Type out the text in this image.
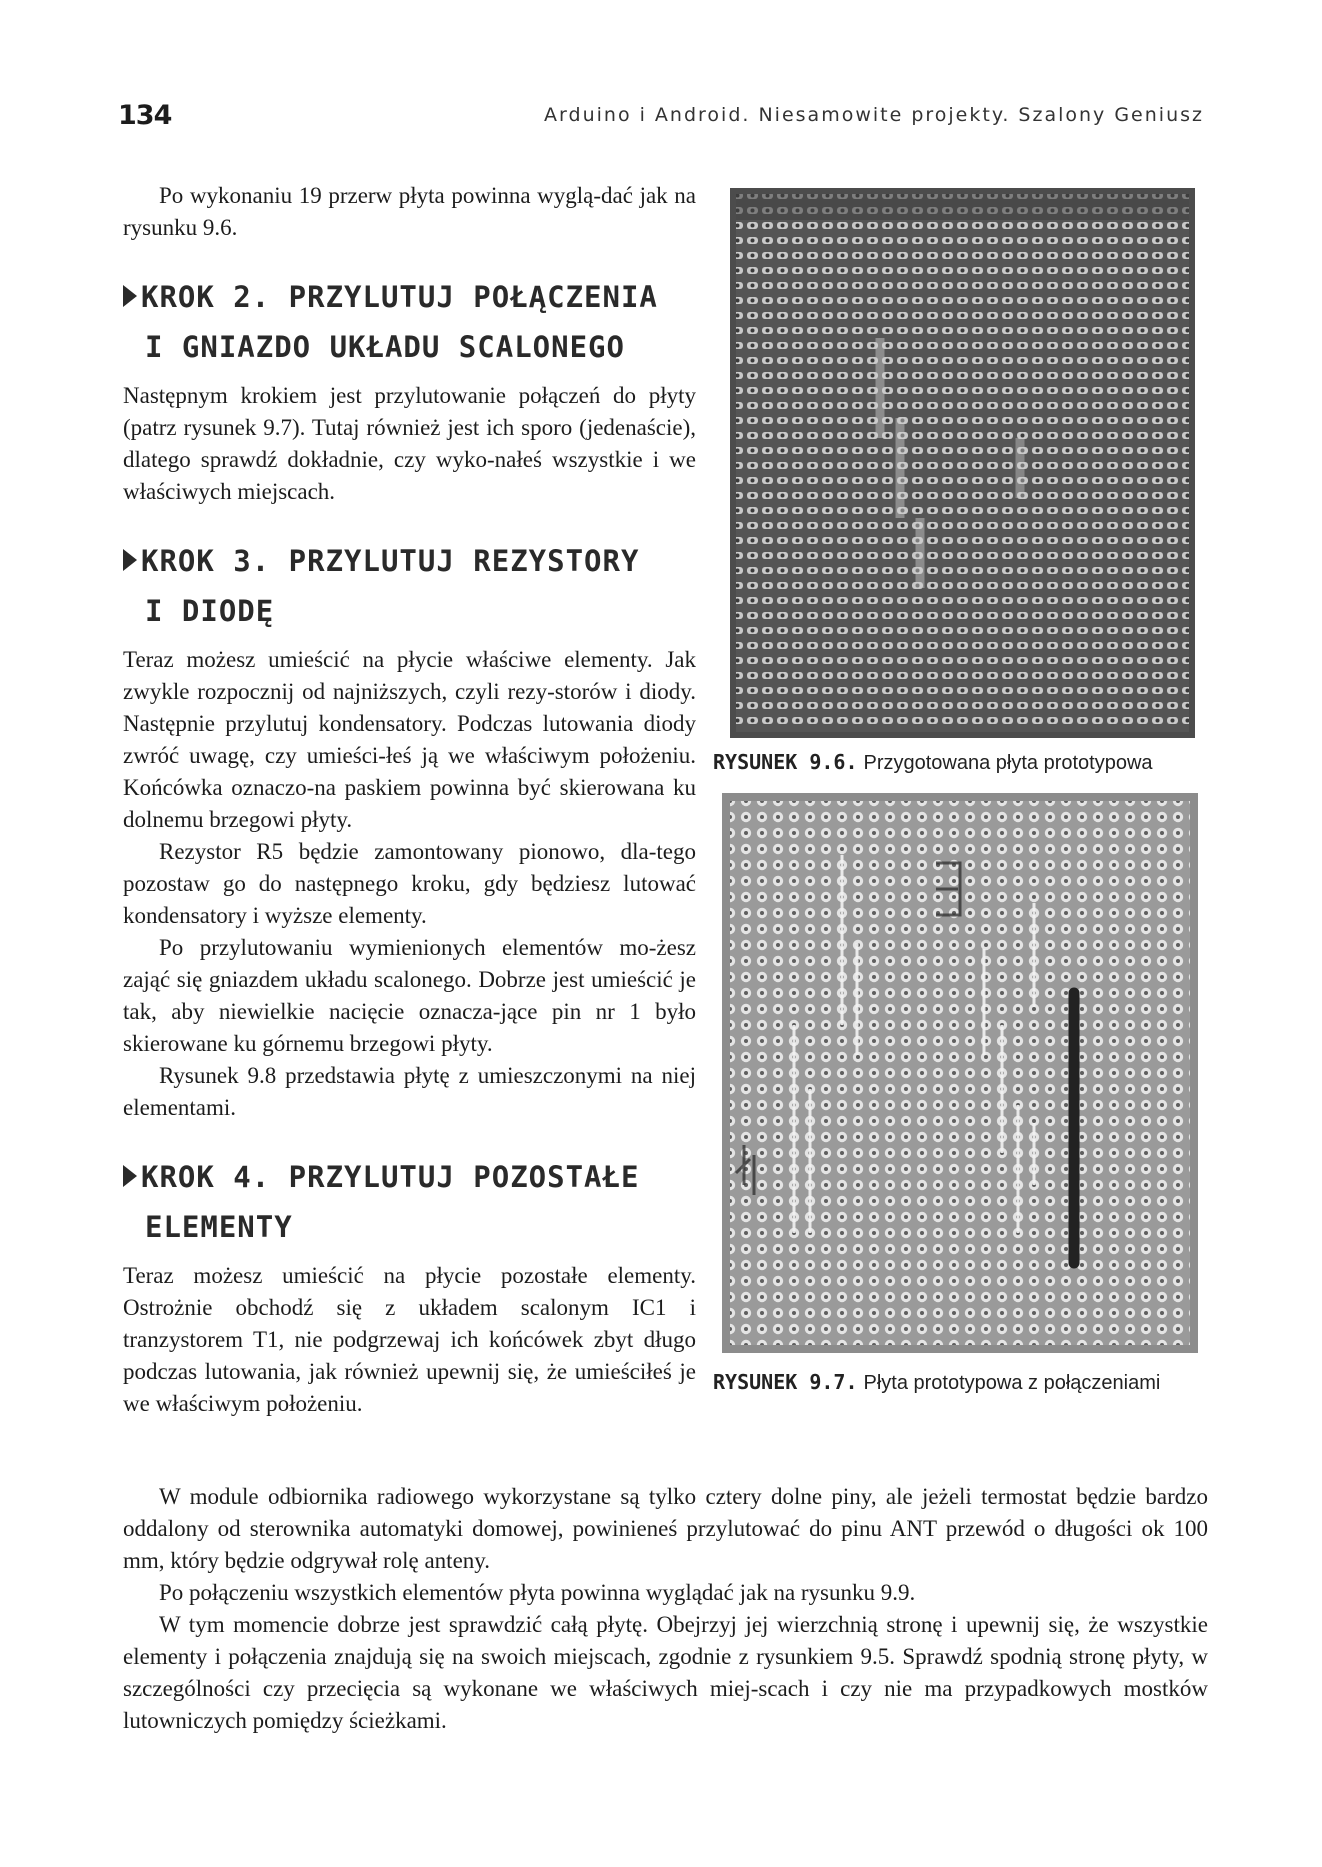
134	Arduino i Android. Niesamowite projekty. Szalony Geniusz

Po wykonaniu 19 przerw płyta powinna wyglą-dać jak na rysunku 9.6.

KROK 2. PRZYLUTUJ POŁĄCZENIA
I GNIAZDO UKŁADU SCALONEGO

Następnym krokiem jest przylutowanie połączeń do płyty (patrz rysunek 9.7). Tutaj również jest ich sporo (jedenaście), dlatego sprawdź dokładnie, czy wyko-nałeś wszystkie i we właściwych miejscach.

KROK 3. PRZYLUTUJ REZYSTORY
I DIODĘ

Teraz możesz umieścić na płycie właściwe elementy. Jak zwykle rozpocznij od najniższych, czyli rezy-storów i diody. Następnie przylutuj kondensatory. Podczas lutowania diody zwróć uwagę, czy umieści-łeś ją we właściwym położeniu. Końcówka oznaczo-na paskiem powinna być skierowana ku dolnemu brzegowi płyty.

Rezystor R5 będzie zamontowany pionowo, dla-tego pozostaw go do następnego kroku, gdy będziesz lutować kondensatory i wyższe elementy.

Po przylutowaniu wymienionych elementów mo-żesz zająć się gniazdem układu scalonego. Dobrze jest umieścić je tak, aby niewielkie nacięcie oznacza-jące pin nr 1 było skierowane ku górnemu brzegowi płyty.

Rysunek 9.8 przedstawia płytę z umieszczonymi na niej elementami.

KROK 4. PRZYLUTUJ POZOSTAŁE
ELEMENTY

Teraz możesz umieścić na płycie pozostałe elementy. Ostrożnie obchodź się z układem scalonym IC1 i tranzystorem T1, nie podgrzewaj ich końcówek zbyt długo podczas lutowania, jak również upewnij się, że umieściłeś je we właściwym położeniu.

RYSUNEK 9.6. Przygotowana płyta prototypowa
RYSUNEK 9.7. Płyta prototypowa z połączeniami

W module odbiornika radiowego wykorzystane są tylko cztery dolne piny, ale jeżeli termostat będzie bardzo oddalony od sterownika automatyki domowej, powinieneś przylutować do pinu ANT przewód o długości ok 100 mm, który będzie odgrywał rolę anteny.

Po połączeniu wszystkich elementów płyta powinna wyglądać jak na rysunku 9.9.

W tym momencie dobrze jest sprawdzić całą płytę. Obejrzyj jej wierzchnią stronę i upewnij się, że wszystkie elementy i połączenia znajdują się na swoich miejscach, zgodnie z rysunkiem 9.5. Sprawdź spodnią stronę płyty, w szczególności czy przecięcia są wykonane we właściwych miej-scach i czy nie ma przypadkowych mostków lutowniczych pomiędzy ścieżkami.
